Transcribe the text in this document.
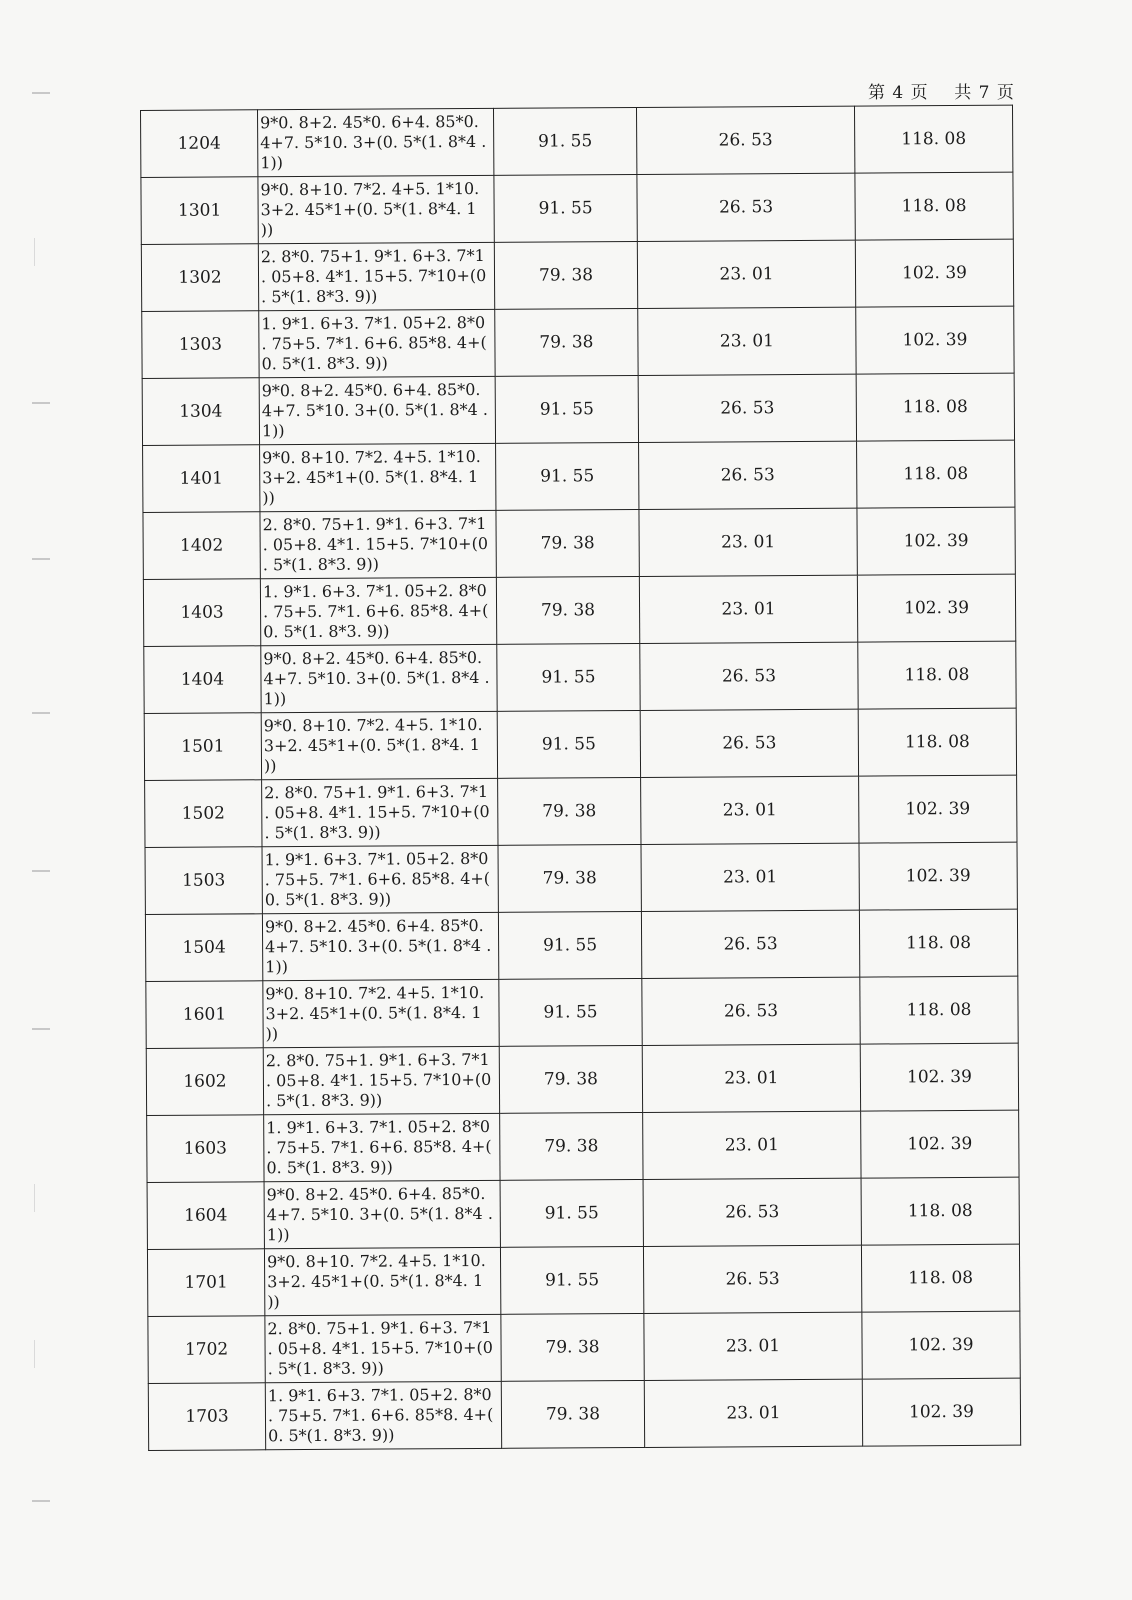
第 4 页 共 7 页
1204	9*0. 8+2. 45*0. 6+4. 85*0. 4+7. 5*10. 3+(0. 5*(1. 8*4 . 1))	91. 55	26. 53	118. 08
1301	9*0. 8+10. 7*2. 4+5. 1*10. 3+2. 45*1+(0. 5*(1. 8*4. 1 ))	91. 55	26. 53	118. 08
1302	2. 8*0. 75+1. 9*1. 6+3. 7*1 . 05+8. 4*1. 15+5. 7*10+(0 . 5*(1. 8*3. 9))	79. 38	23. 01	102. 39
1303	1. 9*1. 6+3. 7*1. 05+2. 8*0 . 75+5. 7*1. 6+6. 85*8. 4+( 0. 5*(1. 8*3. 9))	79. 38	23. 01	102. 39
1304	9*0. 8+2. 45*0. 6+4. 85*0. 4+7. 5*10. 3+(0. 5*(1. 8*4 . 1))	91. 55	26. 53	118. 08
1401	9*0. 8+10. 7*2. 4+5. 1*10. 3+2. 45*1+(0. 5*(1. 8*4. 1 ))	91. 55	26. 53	118. 08
1402	2. 8*0. 75+1. 9*1. 6+3. 7*1 . 05+8. 4*1. 15+5. 7*10+(0 . 5*(1. 8*3. 9))	79. 38	23. 01	102. 39
1403	1. 9*1. 6+3. 7*1. 05+2. 8*0 . 75+5. 7*1. 6+6. 85*8. 4+( 0. 5*(1. 8*3. 9))	79. 38	23. 01	102. 39
1404	9*0. 8+2. 45*0. 6+4. 85*0. 4+7. 5*10. 3+(0. 5*(1. 8*4 . 1))	91. 55	26. 53	118. 08
1501	9*0. 8+10. 7*2. 4+5. 1*10. 3+2. 45*1+(0. 5*(1. 8*4. 1 ))	91. 55	26. 53	118. 08
1502	2. 8*0. 75+1. 9*1. 6+3. 7*1 . 05+8. 4*1. 15+5. 7*10+(0 . 5*(1. 8*3. 9))	79. 38	23. 01	102. 39
1503	1. 9*1. 6+3. 7*1. 05+2. 8*0 . 75+5. 7*1. 6+6. 85*8. 4+( 0. 5*(1. 8*3. 9))	79. 38	23. 01	102. 39
1504	9*0. 8+2. 45*0. 6+4. 85*0. 4+7. 5*10. 3+(0. 5*(1. 8*4 . 1))	91. 55	26. 53	118. 08
1601	9*0. 8+10. 7*2. 4+5. 1*10. 3+2. 45*1+(0. 5*(1. 8*4. 1 ))	91. 55	26. 53	118. 08
1602	2. 8*0. 75+1. 9*1. 6+3. 7*1 . 05+8. 4*1. 15+5. 7*10+(0 . 5*(1. 8*3. 9))	79. 38	23. 01	102. 39
1603	1. 9*1. 6+3. 7*1. 05+2. 8*0 . 75+5. 7*1. 6+6. 85*8. 4+( 0. 5*(1. 8*3. 9))	79. 38	23. 01	102. 39
1604	9*0. 8+2. 45*0. 6+4. 85*0. 4+7. 5*10. 3+(0. 5*(1. 8*4 . 1))	91. 55	26. 53	118. 08
1701	9*0. 8+10. 7*2. 4+5. 1*10. 3+2. 45*1+(0. 5*(1. 8*4. 1 ))	91. 55	26. 53	118. 08
1702	2. 8*0. 75+1. 9*1. 6+3. 7*1 . 05+8. 4*1. 15+5. 7*10+(0 . 5*(1. 8*3. 9))	79. 38	23. 01	102. 39
1703	1. 9*1. 6+3. 7*1. 05+2. 8*0 . 75+5. 7*1. 6+6. 85*8. 4+( 0. 5*(1. 8*3. 9))	79. 38	23. 01	102. 39
